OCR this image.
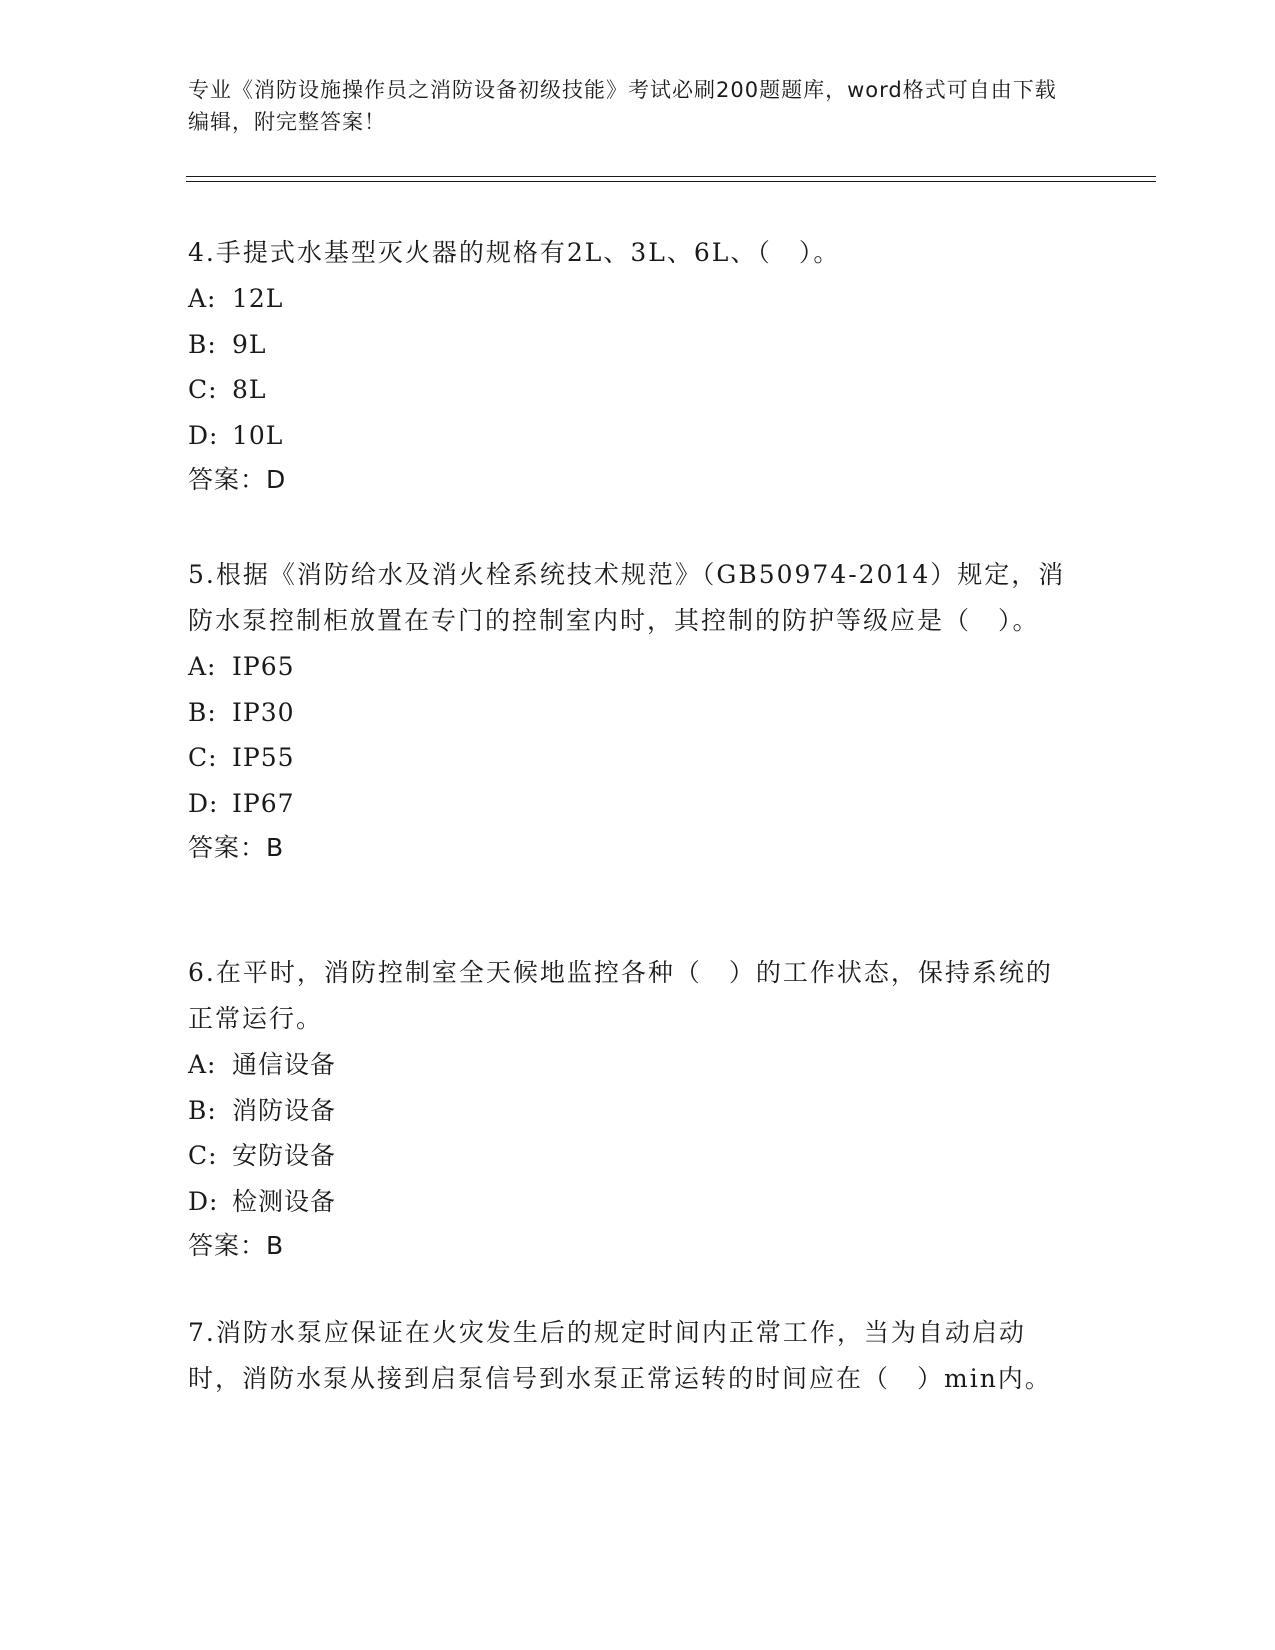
专业《消防设施操作员之消防设备初级技能》考试必刷200题题库，word格式可自由下载编辑，附完整答案！

4.手提式水基型灭火器的规格有2L、3L、6L、（　）。

A: 12L
B: 9L
C: 8L
D: 10L
答案：D

5.根据《消防给水及消火栓系统技术规范》（GB50974-2014）规定，消防水泵控制柜放置在专门的控制室内时，其控制的防护等级应是（　）。

A: IP65
B: IP30
C: IP55
D: IP67
答案：B

6.在平时，消防控制室全天候地监控各种（　）的工作状态，保持系统的正常运行。

A: 通信设备
B: 消防设备
C: 安防设备
D: 检测设备
答案：B

7.消防水泵应保证在火灾发生后的规定时间内正常工作，当为自动启动时，消防水泵从接到启泵信号到水泵正常运转的时间应在（　）min内。
